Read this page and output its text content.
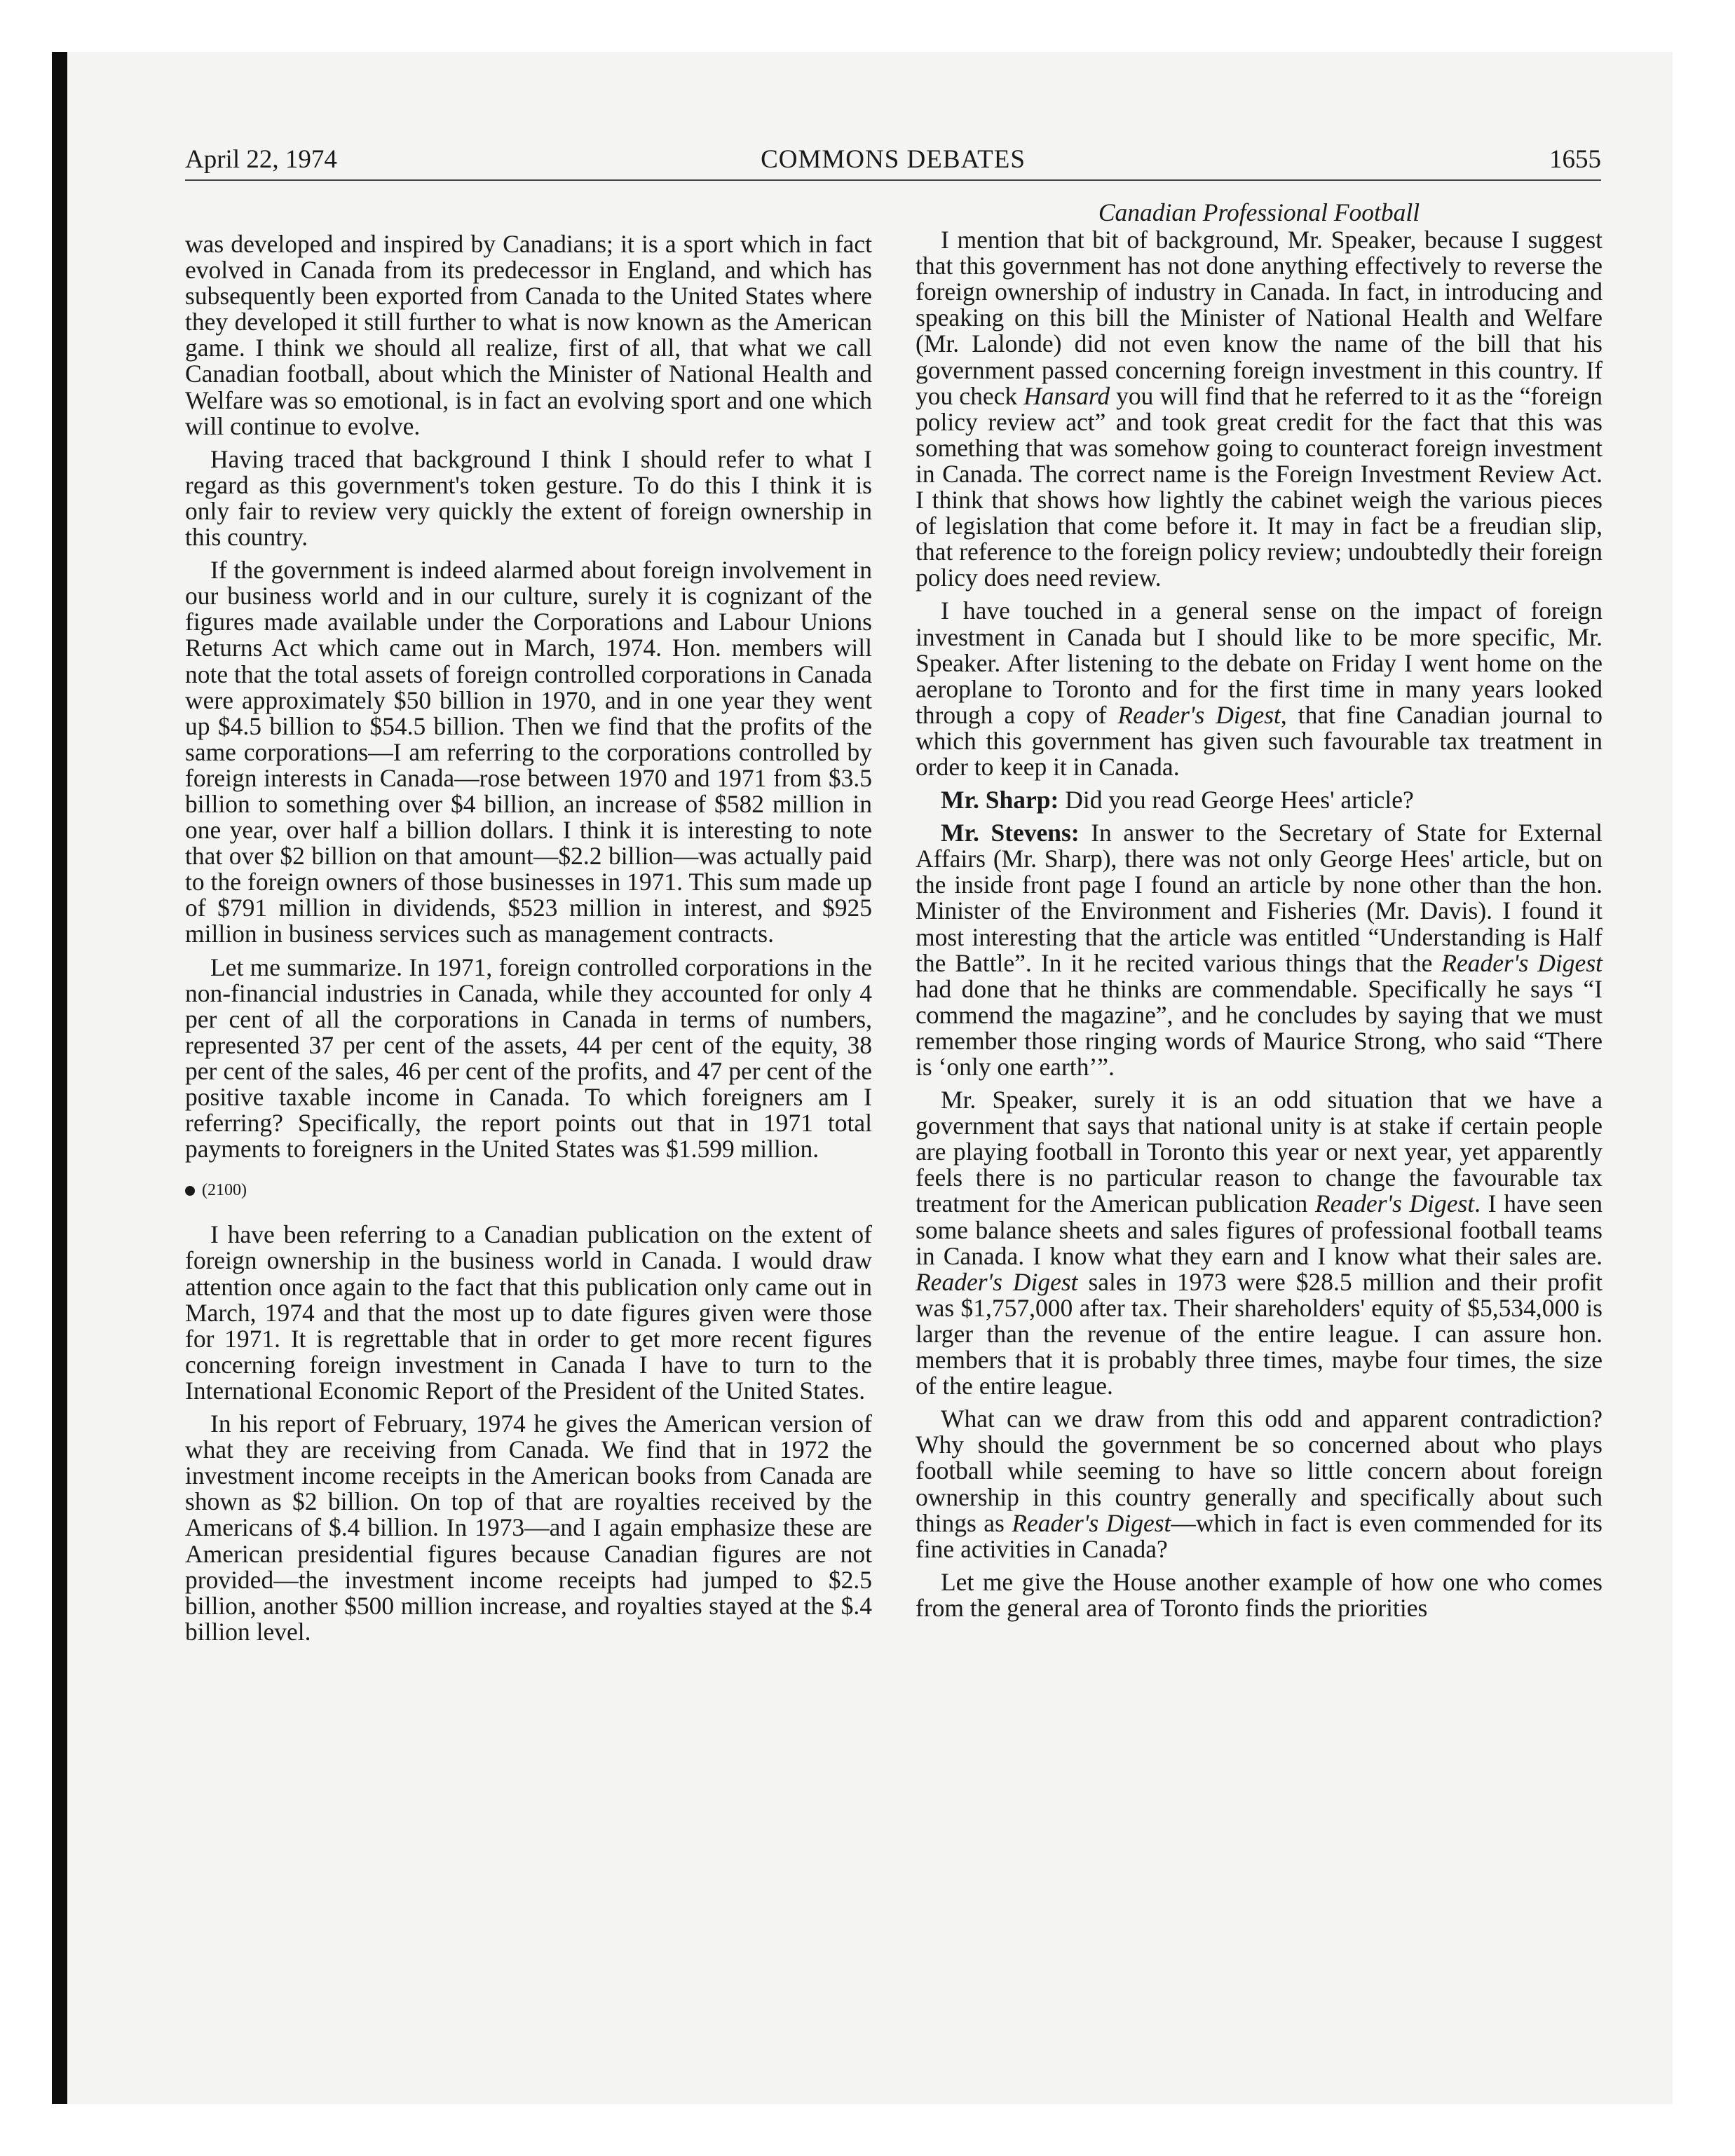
April 22, 1974	COMMONS DEBATES	1655

was developed and inspired by Canadians; it is a sport which in fact evolved in Canada from its predecessor in England, and which has subsequently been exported from Canada to the United States where they developed it still further to what is now known as the American game. I think we should all realize, first of all, that what we call Canadian football, about which the Minister of National Health and Welfare was so emotional, is in fact an evolving sport and one which will continue to evolve.

Having traced that background I think I should refer to what I regard as this government's token gesture. To do this I think it is only fair to review very quickly the extent of foreign ownership in this country.

If the government is indeed alarmed about foreign involvement in our business world and in our culture, surely it is cognizant of the figures made available under the Corporations and Labour Unions Returns Act which came out in March, 1974. Hon. members will note that the total assets of foreign controlled corporations in Canada were approximately $50 billion in 1970, and in one year they went up $4.5 billion to $54.5 billion. Then we find that the profits of the same corporations—I am referring to the corporations controlled by foreign interests in Canada—rose between 1970 and 1971 from $3.5 billion to something over $4 billion, an increase of $582 million in one year, over half a billion dollars. I think it is interesting to note that over $2 billion on that amount—$2.2 billion—was actually paid to the foreign owners of those businesses in 1971. This sum made up of $791 million in dividends, $523 million in interest, and $925 million in business services such as management contracts.

Let me summarize. In 1971, foreign controlled corporations in the non-financial industries in Canada, while they accounted for only 4 per cent of all the corporations in Canada in terms of numbers, represented 37 per cent of the assets, 44 per cent of the equity, 38 per cent of the sales, 46 per cent of the profits, and 47 per cent of the positive taxable income in Canada. To which foreigners am I referring? Specifically, the report points out that in 1971 total payments to foreigners in the United States was $1.599 million.

(2100)

I have been referring to a Canadian publication on the extent of foreign ownership in the business world in Canada. I would draw attention once again to the fact that this publication only came out in March, 1974 and that the most up to date figures given were those for 1971. It is regrettable that in order to get more recent figures concerning foreign investment in Canada I have to turn to the International Economic Report of the President of the United States.

In his report of February, 1974 he gives the American version of what they are receiving from Canada. We find that in 1972 the investment income receipts in the American books from Canada are shown as $2 billion. On top of that are royalties received by the Americans of $.4 billion. In 1973—and I again emphasize these are American presidential figures because Canadian figures are not provided—the investment income receipts had jumped to $2.5 billion, another $500 million increase, and royalties stayed at the $.4 billion level.

Canadian Professional Football

I mention that bit of background, Mr. Speaker, because I suggest that this government has not done anything effectively to reverse the foreign ownership of industry in Canada. In fact, in introducing and speaking on this bill the Minister of National Health and Welfare (Mr. Lalonde) did not even know the name of the bill that his government passed concerning foreign investment in this country. If you check Hansard you will find that he referred to it as the “foreign policy review act” and took great credit for the fact that this was something that was somehow going to counteract foreign investment in Canada. The correct name is the Foreign Investment Review Act. I think that shows how lightly the cabinet weigh the various pieces of legislation that come before it. It may in fact be a freudian slip, that reference to the foreign policy review; undoubtedly their foreign policy does need review.

I have touched in a general sense on the impact of foreign investment in Canada but I should like to be more specific, Mr. Speaker. After listening to the debate on Friday I went home on the aeroplane to Toronto and for the first time in many years looked through a copy of Reader's Digest, that fine Canadian journal to which this government has given such favourable tax treatment in order to keep it in Canada.

Mr. Sharp: Did you read George Hees' article?

Mr. Stevens: In answer to the Secretary of State for External Affairs (Mr. Sharp), there was not only George Hees' article, but on the inside front page I found an article by none other than the hon. Minister of the Environment and Fisheries (Mr. Davis). I found it most interesting that the article was entitled “Understanding is Half the Battle”. In it he recited various things that the Reader's Digest had done that he thinks are commendable. Specifically he says “I commend the magazine”, and he concludes by saying that we must remember those ringing words of Maurice Strong, who said “There is ‘only one earth’”.

Mr. Speaker, surely it is an odd situation that we have a government that says that national unity is at stake if certain people are playing football in Toronto this year or next year, yet apparently feels there is no particular reason to change the favourable tax treatment for the American publication Reader's Digest. I have seen some balance sheets and sales figures of professional football teams in Canada. I know what they earn and I know what their sales are. Reader's Digest sales in 1973 were $28.5 million and their profit was $1,757,000 after tax. Their shareholders' equity of $5,534,000 is larger than the revenue of the entire league. I can assure hon. members that it is probably three times, maybe four times, the size of the entire league.

What can we draw from this odd and apparent contradiction? Why should the government be so concerned about who plays football while seeming to have so little concern about foreign ownership in this country generally and specifically about such things as Reader's Digest—which in fact is even commended for its fine activities in Canada?

Let me give the House another example of how one who comes from the general area of Toronto finds the priorities
